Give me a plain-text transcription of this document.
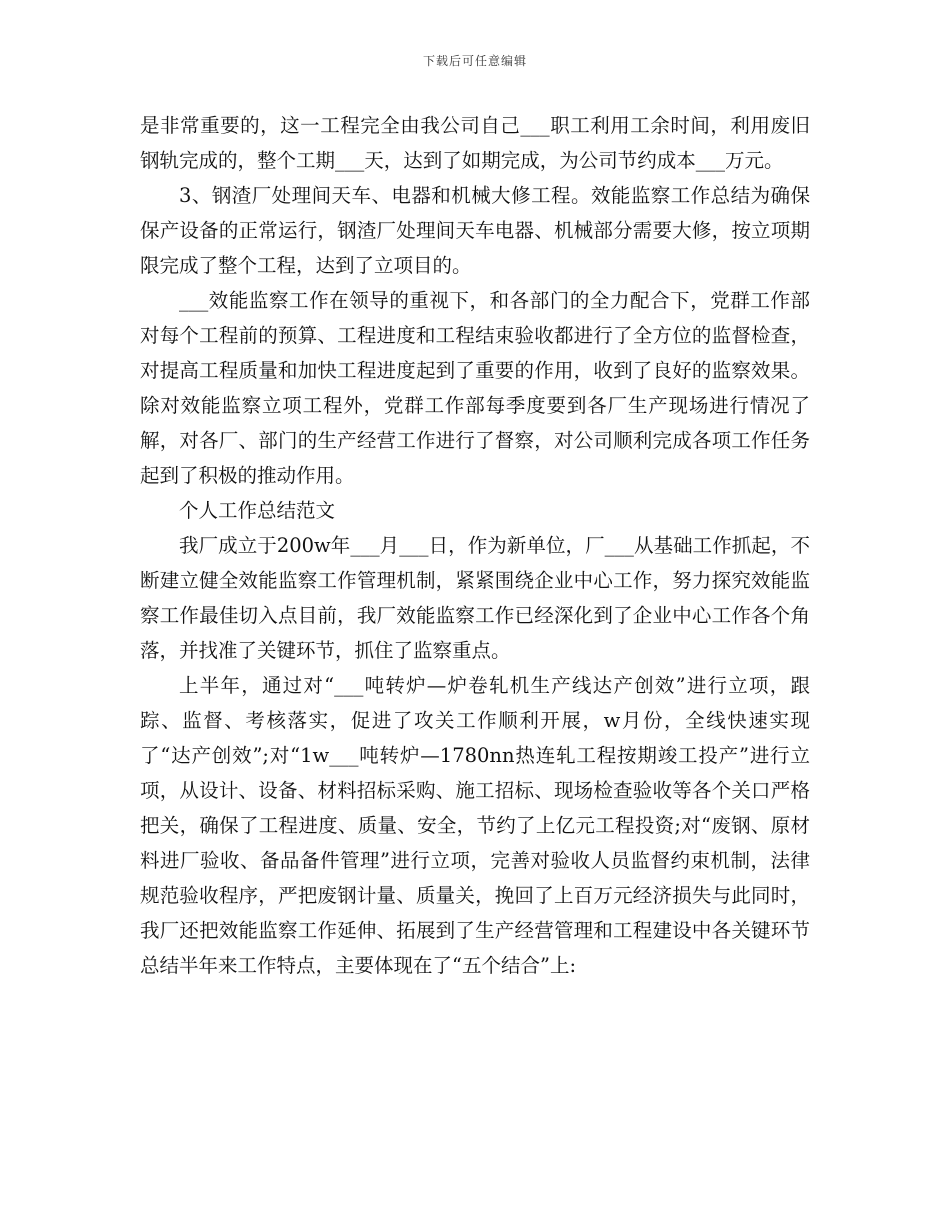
下载后可任意编辑

是非常重要的，这一工程完全由我公司自己___职工利用工余时间，利用废旧钢轨完成的，整个工期___天，达到了如期完成，为公司节约成本___万元。

3、钢渣厂处理间天车、电器和机械大修工程。效能监察工作总结为确保保产设备的正常运行，钢渣厂处理间天车电器、机械部分需要大修，按立项期限完成了整个工程，达到了立项目的。

___效能监察工作在领导的重视下，和各部门的全力配合下，党群工作部对每个工程前的预算、工程进度和工程结束验收都进行了全方位的监督检查，对提高工程质量和加快工程进度起到了重要的作用，收到了良好的监察效果。除对效能监察立项工程外，党群工作部每季度要到各厂生产现场进行情况了解，对各厂、部门的生产经营工作进行了督察，对公司顺利完成各项工作任务起到了积极的推动作用。

个人工作总结范文

我厂成立于200w年___月___日，作为新单位，厂___从基础工作抓起，不断建立健全效能监察工作管理机制，紧紧围绕企业中心工作，努力探究效能监察工作最佳切入点目前，我厂效能监察工作已经深化到了企业中心工作各个角落，并找准了关键环节，抓住了监察重点。

上半年，通过对“___吨转炉—炉卷轧机生产线达产创效”进行立项，跟踪、监督、考核落实，促进了攻关工作顺利开展，w月份，全线快速实现了“达产创效”;对“1w___吨转炉—1780nn热连轧工程按期竣工投产”进行立项，从设计、设备、材料招标采购、施工招标、现场检查验收等各个关口严格把关，确保了工程进度、质量、安全，节约了上亿元工程投资;对“废钢、原材料进厂验收、备品备件管理”进行立项，完善对验收人员监督约束机制，法律规范验收程序，严把废钢计量、质量关，挽回了上百万元经济损失与此同时，我厂还把效能监察工作延伸、拓展到了生产经营管理和工程建设中各关键环节总结半年来工作特点，主要体现在了“五个结合”上:
